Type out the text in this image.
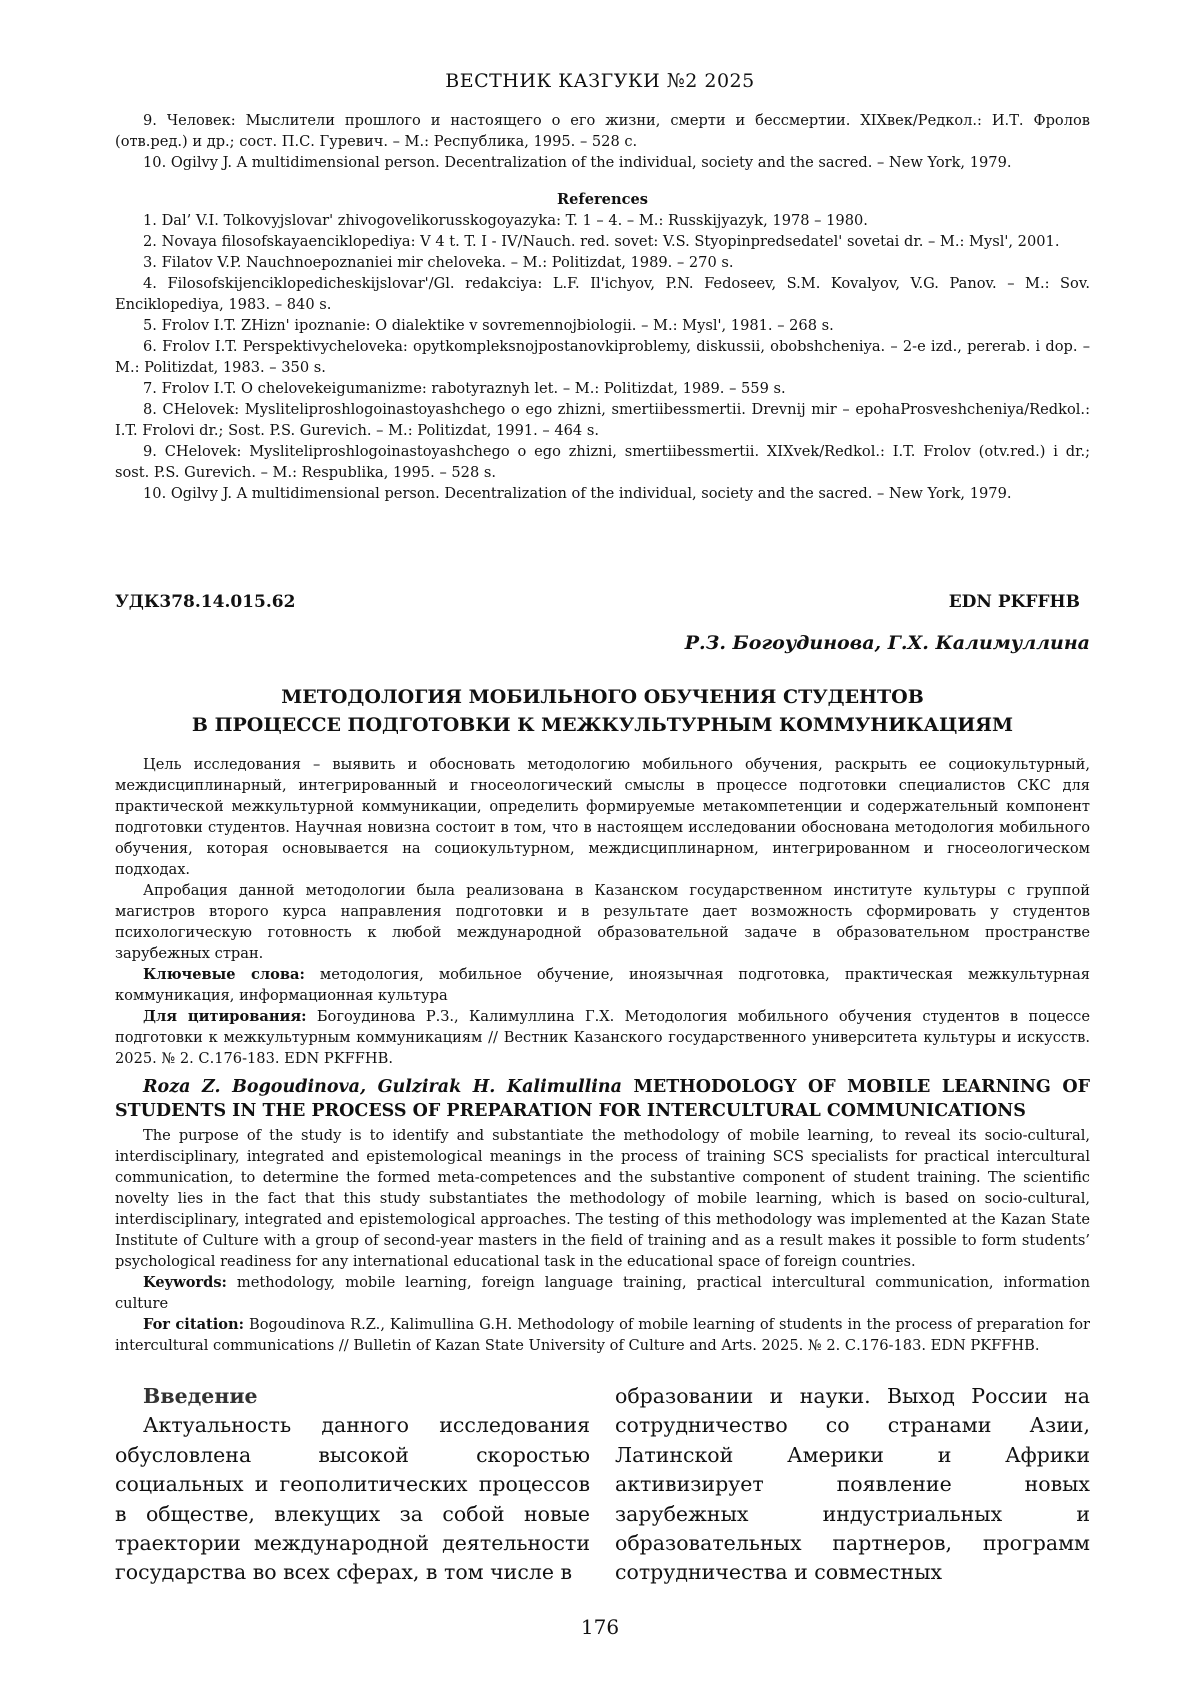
ВЕСТНИК КАЗГУКИ №2 2025

9. Человек: Мыслители прошлого и настоящего о его жизни, смерти и бессмертии. XIXвек/Редкол.: И.Т. Фролов (отв.ред.) и др.; сост. П.С. Гуревич. – М.: Республика, 1995. – 528 с.

10. Ogilvy J. A multidimensional person. Decentralization of the individual, society and the sacred. – New York, 1979.

References

1. Dal’ V.I. Tolkovyjslovar' zhivogovelikorusskogoyazyka: T. 1 – 4. – M.: Russkijyazyk, 1978 – 1980.

2. Novaya filosofskayaenciklopediya: V 4 t. T. I - IV/Nauch. red. sovet: V.S. Styopinpredsedatel' sovetai dr. – M.: Mysl', 2001.

3. Filatov V.P. Nauchnoepoznaniei mir cheloveka. – M.: Politizdat, 1989. – 270 s.

4. Filosofskijenciklopedicheskijslovar'/Gl. redakciya: L.F. Il'ichyov, P.N. Fedoseev, S.M. Kovalyov, V.G. Panov. – M.: Sov. Enciklopediya, 1983. – 840 s.

5. Frolov I.T. ZHizn' ipoznanie: O dialektike v sovremennojbiologii. – M.: Mysl', 1981. – 268 s.

6. Frolov I.T. Perspektivycheloveka: opytkompleksnojpostanovkiproblemy, diskussii, obobshcheniya. – 2-e izd., pererab. i dop. – M.: Politizdat, 1983. – 350 s.

7. Frolov I.T. O chelovekeigumanizme: rabotyraznyh let. – M.: Politizdat, 1989. – 559 s.

8. CHelovek: Mysliteliproshlogoinastoyashchego o ego zhizni, smertiibessmertii. Drevnij mir – epohaProsveshcheniya/Redkol.: I.T. Frolovi dr.; Sost. P.S. Gurevich. – M.: Politizdat, 1991. – 464 s.

9. CHelovek: Mysliteliproshlogoinastoyashchego o ego zhizni, smertiibessmertii. XIXvek/Redkol.: I.T. Frolov (otv.red.) i dr.; sost. P.S. Gurevich. – M.: Respublika, 1995. – 528 s.

10. Ogilvy J. A multidimensional person. Decentralization of the individual, society and the sacred. – New York, 1979.

УДК378.14.015.62	EDN PKFFHB
Р.З. Богоудинова, Г.Х. Калимуллина
МЕТОДОЛОГИЯ МОБИЛЬНОГО ОБУЧЕНИЯ СТУДЕНТОВ
В ПРОЦЕССЕ ПОДГОТОВКИ К МЕЖКУЛЬТУРНЫМ КОММУНИКАЦИЯМ

Цель исследования – выявить и обосновать методологию мобильного обучения, раскрыть ее социокультурный, междисциплинарный, интегрированный и гносеологический смыслы в процессе подготовки специалистов СКС для практической межкультурной коммуникации, определить формируемые метакомпетенции и содержательный компонент подготовки студентов. Научная новизна состоит в том, что в настоящем исследовании обоснована методология мобильного обучения, которая основывается на социокультурном, междисциплинарном, интегрированном и гносеологическом подходах.

Апробация данной методологии была реализована в Казанском государственном институте культуры с группой магистров второго курса направления подготовки и в результате дает возможность сформировать у студентов психологическую готовность к любой международной образовательной задаче в образовательном пространстве зарубежных стран.

Ключевые слова: методология, мобильное обучение, иноязычная подготовка, практическая межкультурная коммуникация, информационная культура

Для цитирования: Богоудинова Р.З., Калимуллина Г.Х. Методология мобильного обучения студентов в поцессе подготовки к межкультурным коммуникациям // Вестник Казанского государственного университета культуры и искусств. 2025. № 2. С.176-183. EDN PKFFHB.

Roza Z. Bogoudinova, Gulzirak H. Kalimullina METHODOLOGY OF MOBILE LEARNING OF STUDENTS IN THE PROCESS OF PREPARATION FOR INTERCULTURAL COMMUNICATIONS

The purpose of the study is to identify and substantiate the methodology of mobile learning, to reveal its socio-cultural, interdisciplinary, integrated and epistemological meanings in the process of training SCS specialists for practical intercultural communication, to determine the formed meta-competences and the substantive component of student training. The scientific novelty lies in the fact that this study substantiates the methodology of mobile learning, which is based on socio-cultural, interdisciplinary, integrated and epistemological approaches. The testing of this methodology was implemented at the Kazan State Institute of Culture with a group of second-year masters in the field of training and as a result makes it possible to form students’ psychological readiness for any international educational task in the educational space of foreign countries.

Keywords: methodology, mobile learning, foreign language training, practical intercultural communication, information culture

For citation: Bogoudinova R.Z., Kalimullina G.H. Methodology of mobile learning of students in the process of preparation for intercultural communications // Bulletin of Kazan State University of Culture and Arts. 2025. № 2. С.176-183. EDN PKFFHB.

Введение

Актуальность данного исследования обусловлена высокой скоростью социальных и геополитических процессов в обществе, влекущих за собой новые траектории международной деятельности государства во всех сферах, в том числе в

образовании и науки. Выход России на сотрудничество со странами Азии, Латинской Америки и Африки активизирует появление новых зарубежных индустриальных и образовательных партнеров, программ сотрудничества и совместных

176
